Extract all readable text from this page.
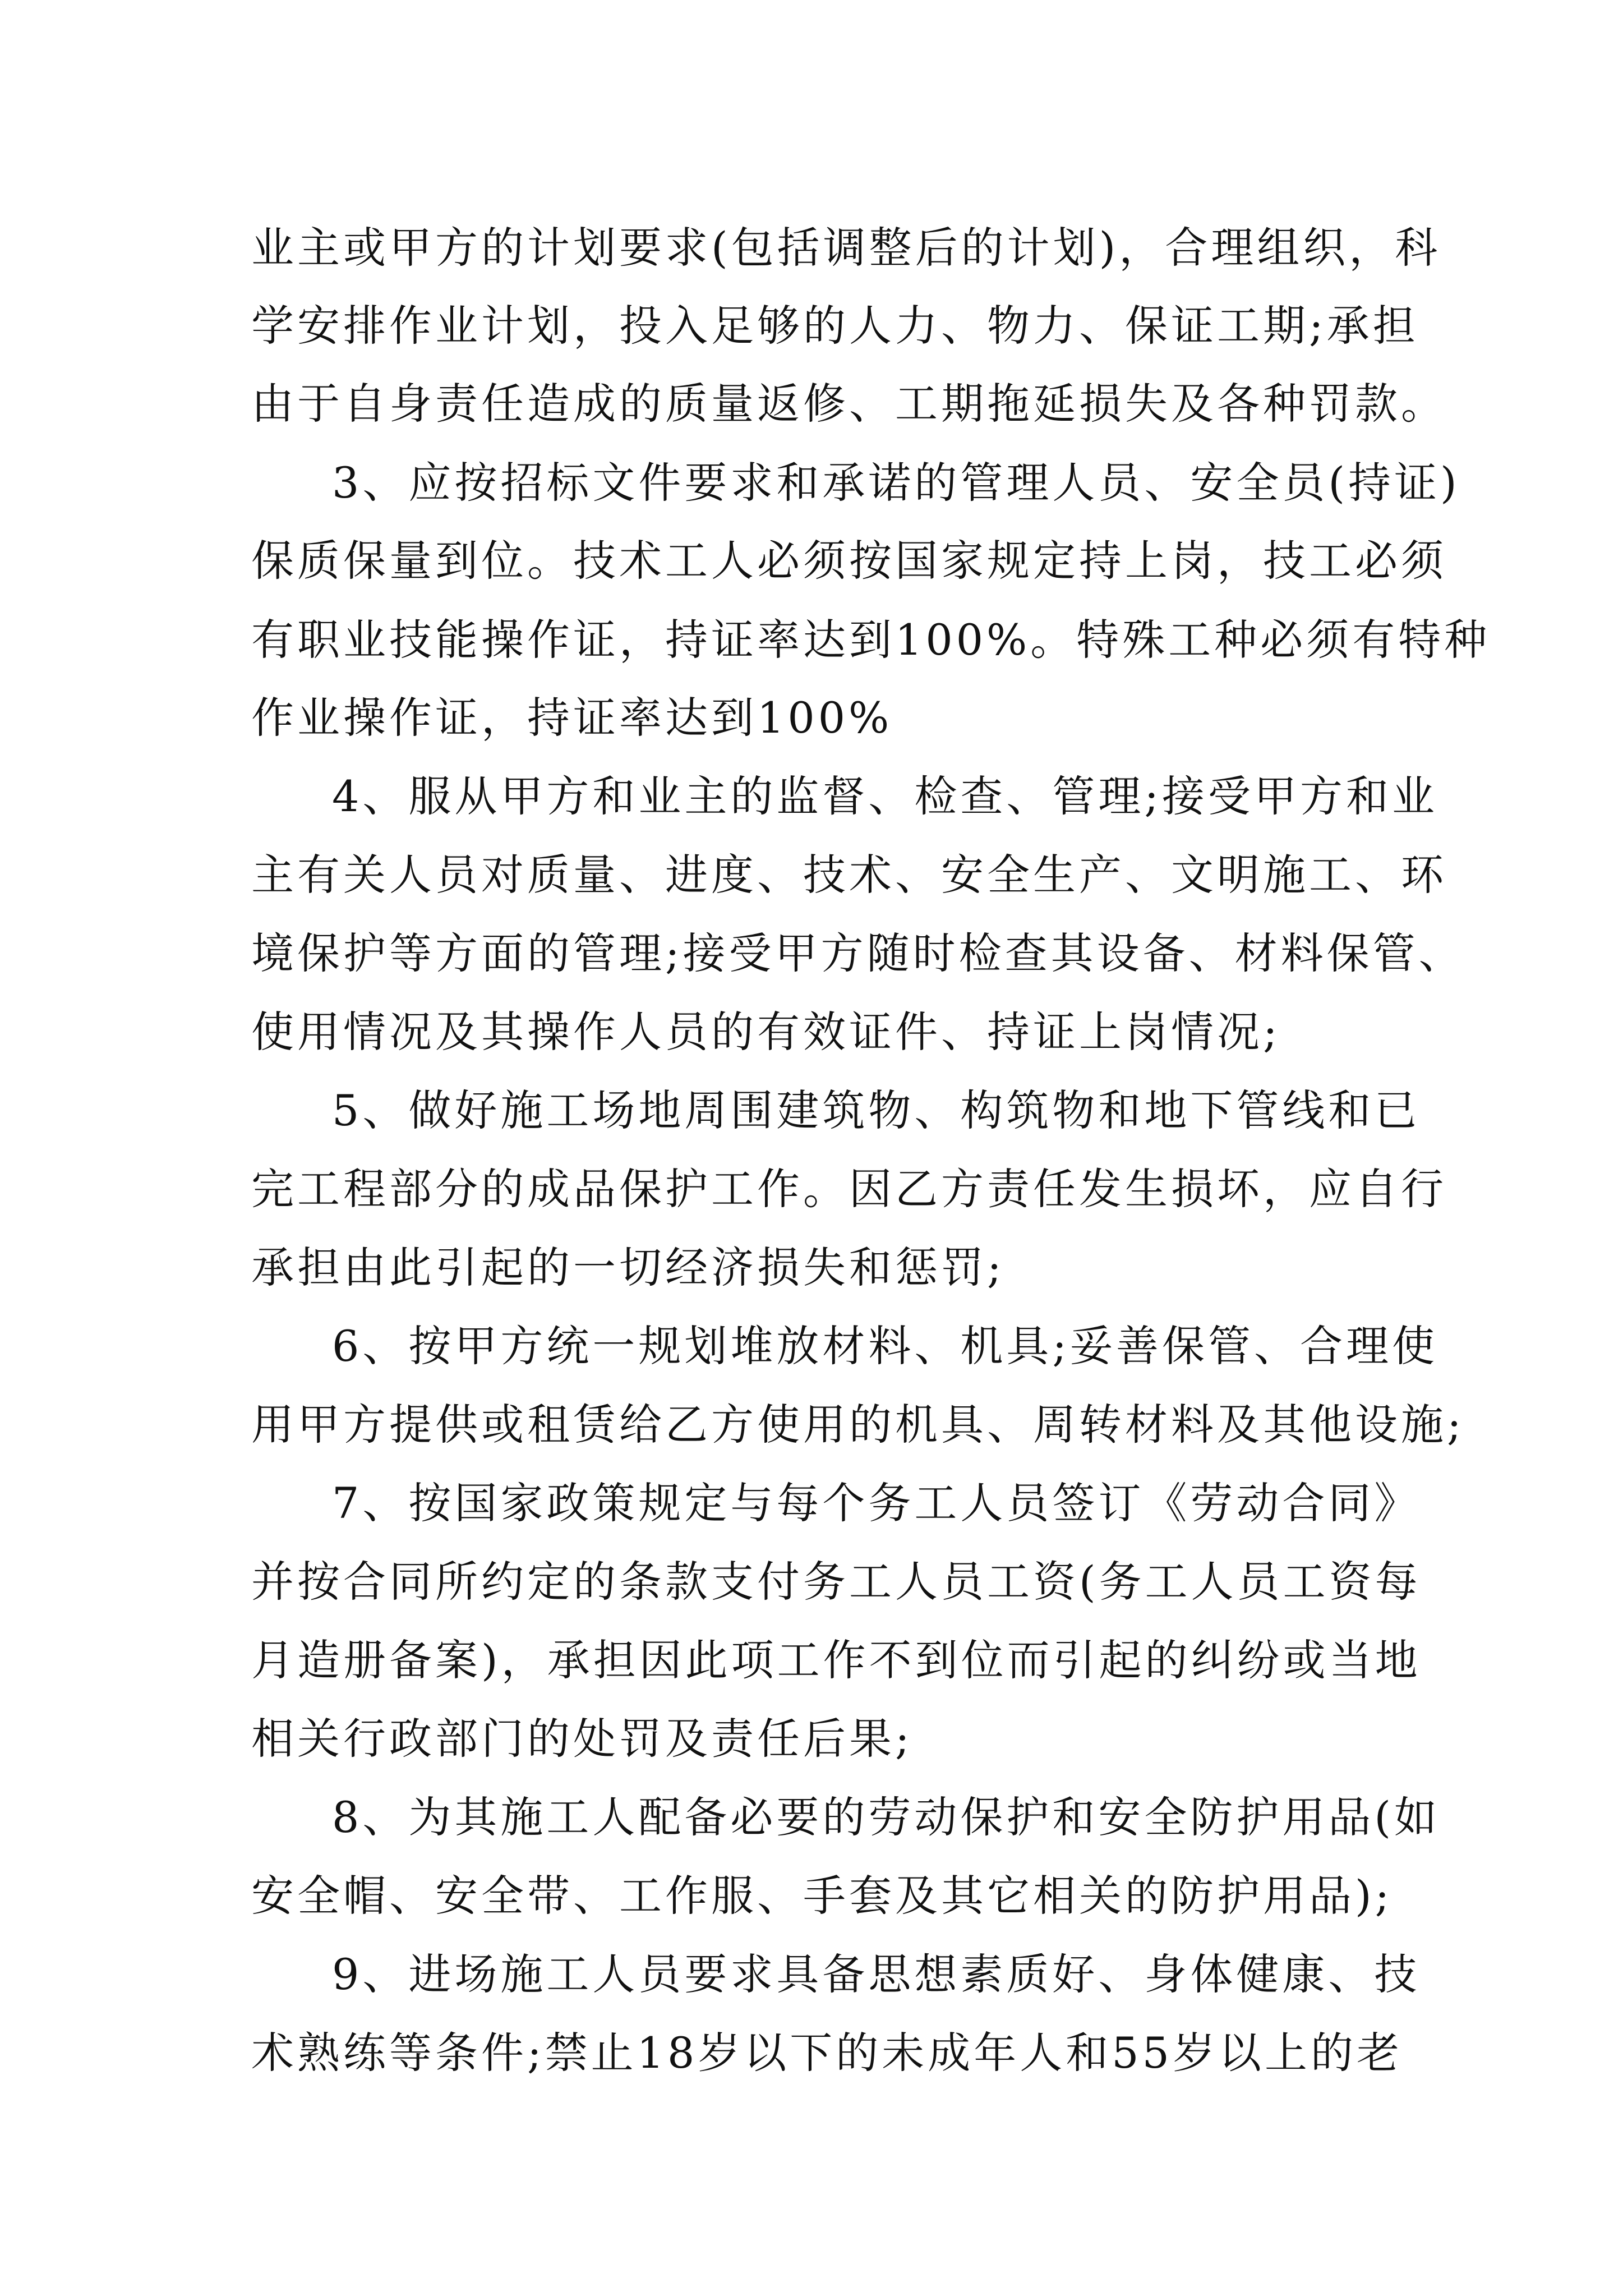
业主或甲方的计划要求(包括调整后的计划)，合理组织，科
学安排作业计划，投入足够的人力、物力、保证工期;承担
由于自身责任造成的质量返修、工期拖延损失及各种罚款。
3、应按招标文件要求和承诺的管理人员、安全员(持证)
保质保量到位。技术工人必须按国家规定持上岗，技工必须
有职业技能操作证，持证率达到100%。特殊工种必须有特种
作业操作证，持证率达到100%
4、服从甲方和业主的监督、检查、管理;接受甲方和业
主有关人员对质量、进度、技术、安全生产、文明施工、环
境保护等方面的管理;接受甲方随时检查其设备、材料保管、
使用情况及其操作人员的有效证件、持证上岗情况;
5、做好施工场地周围建筑物、构筑物和地下管线和已
完工程部分的成品保护工作。因乙方责任发生损坏，应自行
承担由此引起的一切经济损失和惩罚;
6、按甲方统一规划堆放材料、机具;妥善保管、合理使
用甲方提供或租赁给乙方使用的机具、周转材料及其他设施;
7、按国家政策规定与每个务工人员签订《劳动合同》
并按合同所约定的条款支付务工人员工资(务工人员工资每
月造册备案)，承担因此项工作不到位而引起的纠纷或当地
相关行政部门的处罚及责任后果;
8、为其施工人配备必要的劳动保护和安全防护用品(如
安全帽、安全带、工作服、手套及其它相关的防护用品);
9、进场施工人员要求具备思想素质好、身体健康、技
术熟练等条件;禁止18岁以下的未成年人和55岁以上的老
